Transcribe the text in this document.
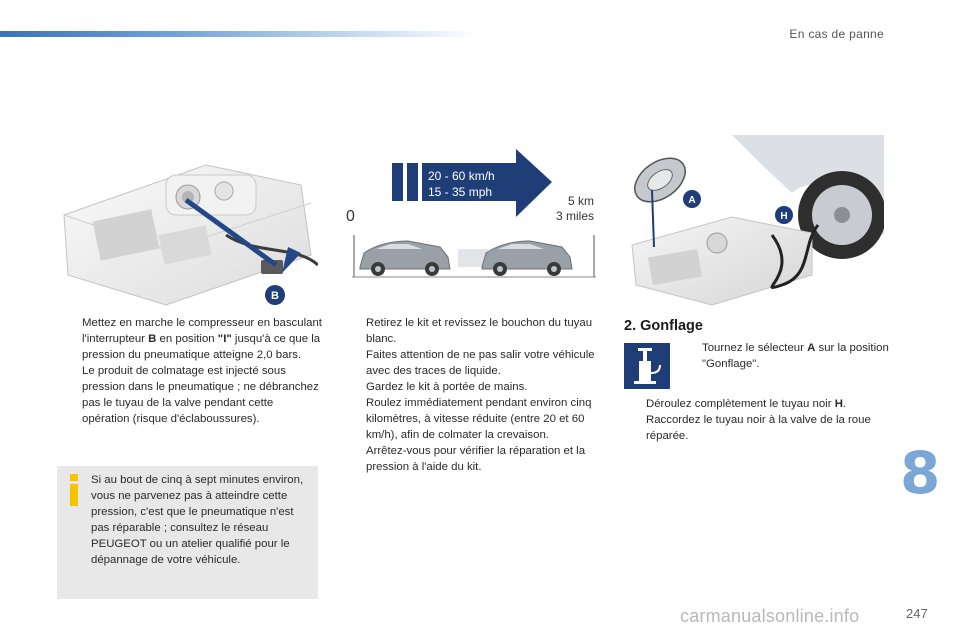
En cas de panne
B
20 - 60 km/h
15 - 35 mph
5 km
3 miles
0
A
H

Mettez en marche le compresseur en basculant l'interrupteur B en position "I" jusqu'à ce que la pression du pneumatique atteigne 2,0 bars.
Le produit de colmatage est injecté sous pression dans le pneumatique ; ne débranchez pas le tuyau de la valve pendant cette opération (risque d'éclaboussures).

Si au bout de cinq à sept minutes environ, vous ne parvenez pas à atteindre cette pression, c'est que le pneumatique n'est pas réparable ; consultez le réseau PEUGEOT ou un atelier qualifié pour le dépannage de votre véhicule.

Retirez le kit et revissez le bouchon du tuyau blanc.
Faites attention de ne pas salir votre véhicule avec des traces de liquide.
Gardez le kit à portée de mains.

Roulez immédiatement pendant environ cinq kilomètres, à vitesse réduite (entre 20 et 60 km/h), afin de colmater la crevaison.

Arrêtez-vous pour vérifier la réparation et la pression à l'aide du kit.

2. Gonflage

Tournez le sélecteur A sur la position "Gonflage".

Déroulez complètement le tuyau noir H.

Raccordez le tuyau noir à la valve de la roue réparée.

8
carmanualsonline.info	247
